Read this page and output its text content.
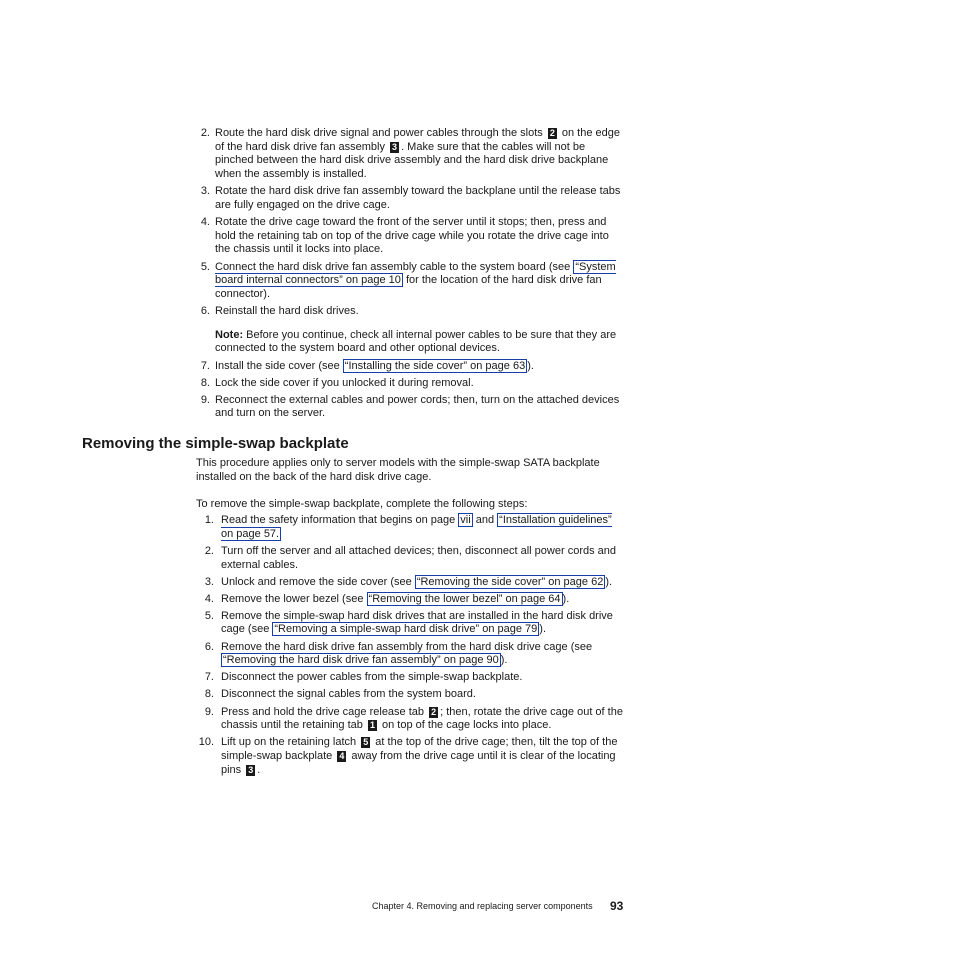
2. Route the hard disk drive signal and power cables through the slots 2 on the edge of the hard disk drive fan assembly 3 . Make sure that the cables will not be pinched between the hard disk drive assembly and the hard disk drive backplane when the assembly is installed.
3. Rotate the hard disk drive fan assembly toward the backplane until the release tabs are fully engaged on the drive cage.
4. Rotate the drive cage toward the front of the server until it stops; then, press and hold the retaining tab on top of the drive cage while you rotate the drive cage into the chassis until it locks into place.
5. Connect the hard disk drive fan assembly cable to the system board (see “System board internal connectors” on page 10 for the location of the hard disk drive fan connector).
6. Reinstall the hard disk drives.
Note: Before you continue, check all internal power cables to be sure that they are connected to the system board and other optional devices.
7. Install the side cover (see “Installing the side cover” on page 63 ).
8. Lock the side cover if you unlocked it during removal.
9. Reconnect the external cables and power cords; then, turn on the attached devices and turn on the server.
Removing the simple-swap backplate

This procedure applies only to server models with the simple-swap SATA backplate installed on the back of the hard disk drive cage.

To remove the simple-swap backplate, complete the following steps:

1. Read the safety information that begins on page vii and “Installation guidelines” on page 57.
2. Turn off the server and all attached devices; then, disconnect all power cords and external cables.
3. Unlock and remove the side cover (see “Removing the side cover” on page 62 ).
4. Remove the lower bezel (see “Removing the lower bezel” on page 64 ).
5. Remove the simple-swap hard disk drives that are installed in the hard disk drive cage (see “Removing a simple-swap hard disk drive” on page 79 ).
6. Remove the hard disk drive fan assembly from the hard disk drive cage (see “Removing the hard disk drive fan assembly” on page 90 ).
7. Disconnect the power cables from the simple-swap backplate.
8. Disconnect the signal cables from the system board.
9. Press and hold the drive cage release tab 2 ; then, rotate the drive cage out of the chassis until the retaining tab 1 on top of the cage locks into place.
10. Lift up on the retaining latch 5 at the top of the drive cage; then, tilt the top of the simple-swap backplate 4 away from the drive cage until it is clear of the locating pins 3 .
Chapter 4. Removing and replacing server components 93
